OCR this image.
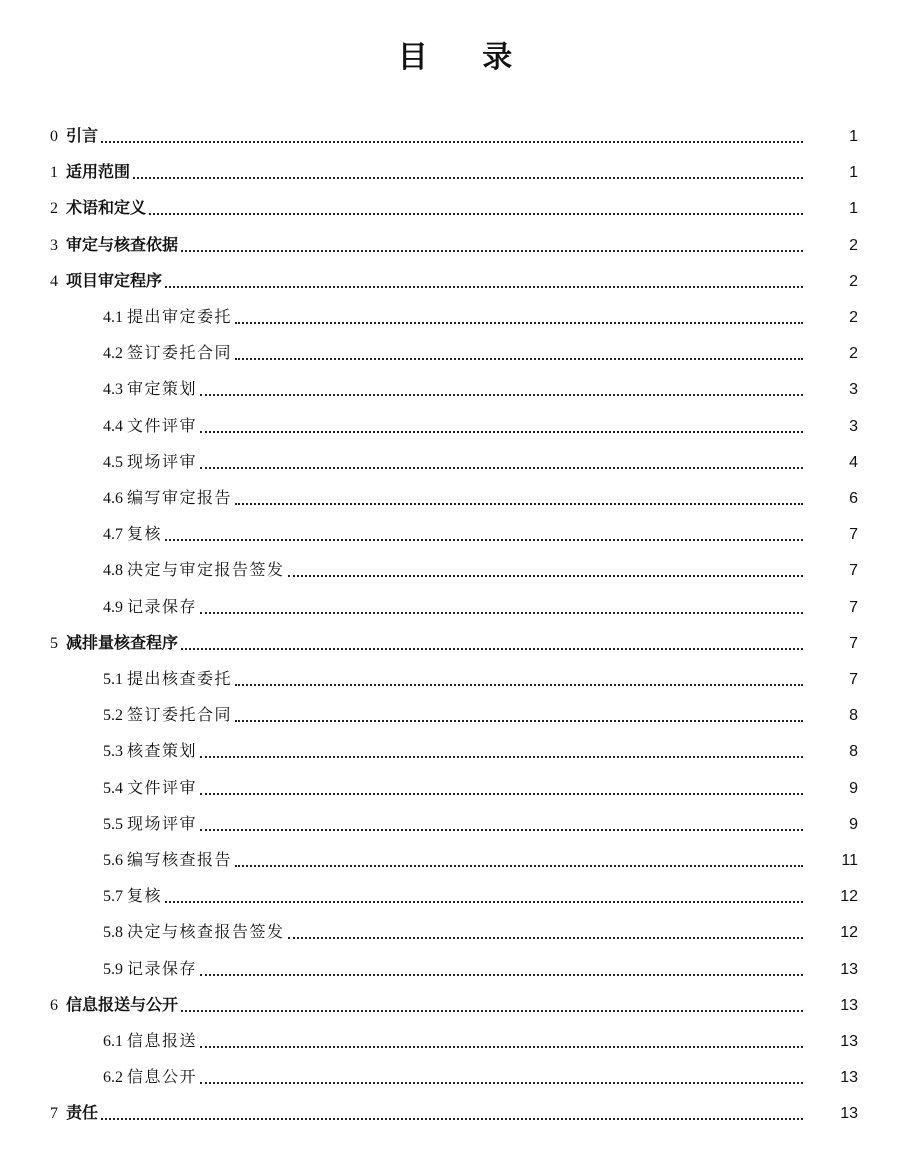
目 录
0 引言	1
1 适用范围	1
2 术语和定义	1
3 审定与核查依据	2
4 项目审定程序	2
4.1 提出审定委托	2
4.2 签订委托合同	2
4.3 审定策划	3
4.4 文件评审	3
4.5 现场评审	4
4.6 编写审定报告	6
4.7 复核	7
4.8 决定与审定报告签发	7
4.9 记录保存	7
5 减排量核查程序	7
5.1 提出核查委托	7
5.2 签订委托合同	8
5.3 核查策划	8
5.4 文件评审	9
5.5 现场评审	9
5.6 编写核查报告	11
5.7 复核	12
5.8 决定与核查报告签发	12
5.9 记录保存	13
6 信息报送与公开	13
6.1 信息报送	13
6.2 信息公开	13
7 责任	13
